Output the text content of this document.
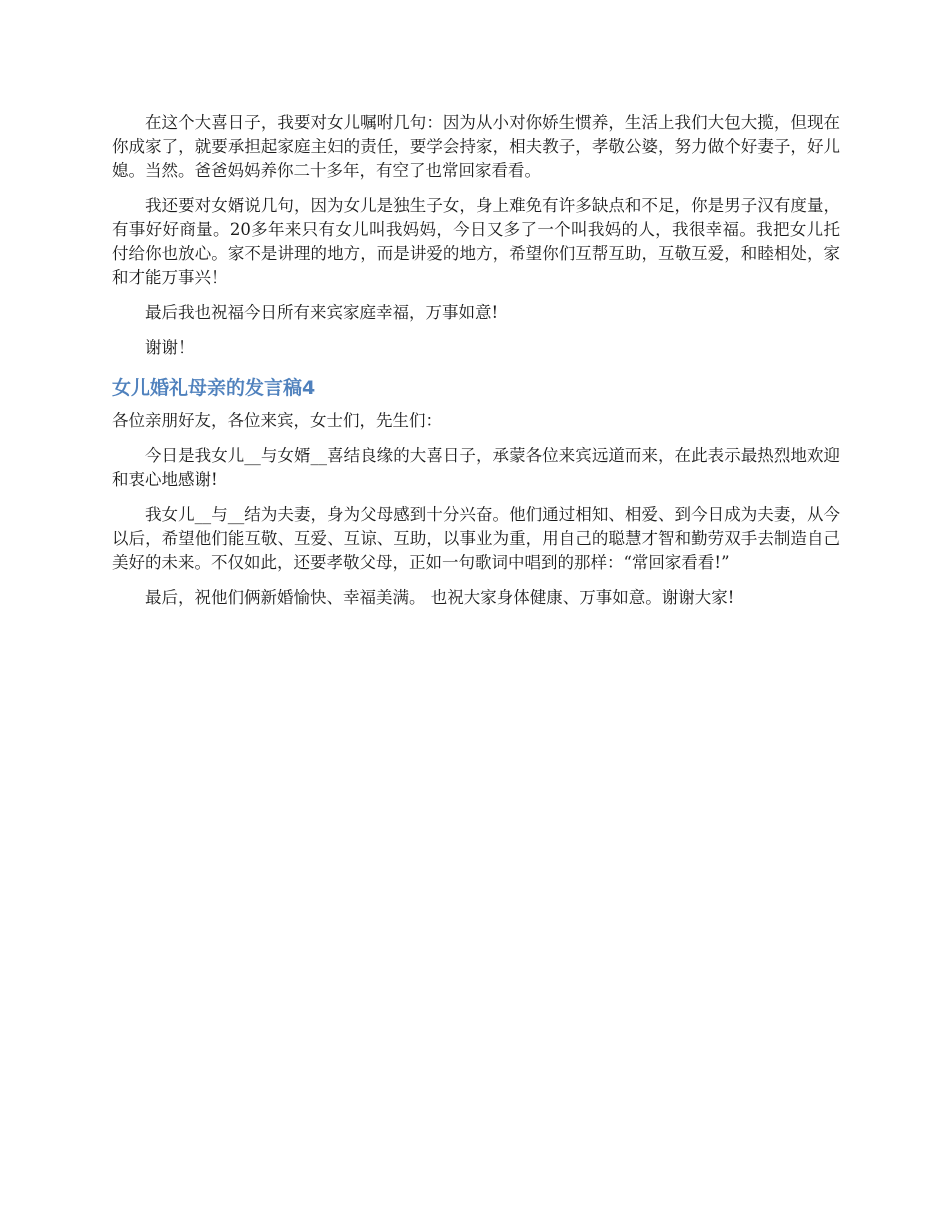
在这个大喜日子，我要对女儿嘱咐几句：因为从小对你娇生惯养，生活上我们大包大揽，但现在你成家了，就要承担起家庭主妇的责任，要学会持家，相夫教子，孝敬公婆，努力做个好妻子，好儿媳。当然。爸爸妈妈养你二十多年，有空了也常回家看看。

我还要对女婿说几句，因为女儿是独生子女，身上难免有许多缺点和不足，你是男子汉有度量，有事好好商量。20多年来只有女儿叫我妈妈，今日又多了一个叫我妈的人，我很幸福。我把女儿托付给你也放心。家不是讲理的地方，而是讲爱的地方，希望你们互帮互助，互敬互爱，和睦相处，家和才能万事兴！

最后我也祝福今日所有来宾家庭幸福，万事如意!

谢谢！

女儿婚礼母亲的发言稿4

各位亲朋好友，各位来宾，女士们，先生们：

今日是我女儿__与女婿__喜结良缘的大喜日子，承蒙各位来宾远道而来，在此表示最热烈地欢迎和衷心地感谢!

我女儿__与__结为夫妻，身为父母感到十分兴奋。他们通过相知、相爱、到今日成为夫妻，从今以后，希望他们能互敬、互爱、互谅、互助，以事业为重，用自己的聪慧才智和勤劳双手去制造自己美好的未来。不仅如此，还要孝敬父母，正如一句歌词中唱到的那样：“常回家看看!”

最后，祝他们俩新婚愉快、幸福美满。 也祝大家身体健康、万事如意。谢谢大家!
